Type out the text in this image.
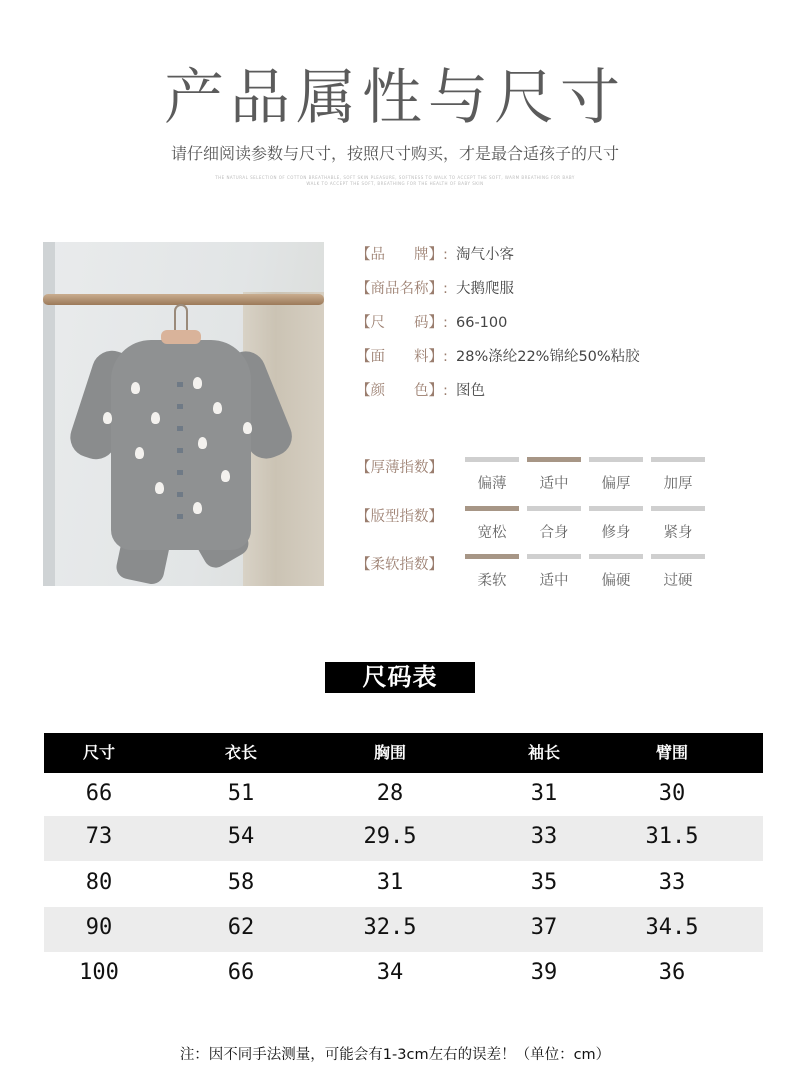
产品属性与尺寸
请仔细阅读参数与尺寸，按照尺寸购买，才是最合适孩子的尺寸
THE NATURAL SELECTION OF COTTON BREATHABLE, SOFT SKIN PLEASURE, SOFTNESS TO WALK TO ACCEPT THE SOFT, WARM BREATHING FOR BABY
WALK TO ACCEPT THE SOFT, BREATHING FOR THE HEALTH OF BABY SKIN
【品　　牌】: 淘气小客
【商品名称】: 大鹅爬服
【尺　　码】: 66-100
【面　　料】: 28%涤纶22%锦纶50%粘胶
【颜　　色】: 图色
【厚薄指数】
偏薄	适中	偏厚	加厚
【版型指数】
宽松	合身	修身	紧身
【柔软指数】
柔软	适中	偏硬	过硬
尺码表
尺寸	衣长	胸围	袖长	臂围
66	51	28	31	30
73	54	29.5	33	31.5
80	58	31	35	33
90	62	32.5	37	34.5
100	66	34	39	36
注：因不同手法测量，可能会有1-3cm左右的误差！（单位：cm）
